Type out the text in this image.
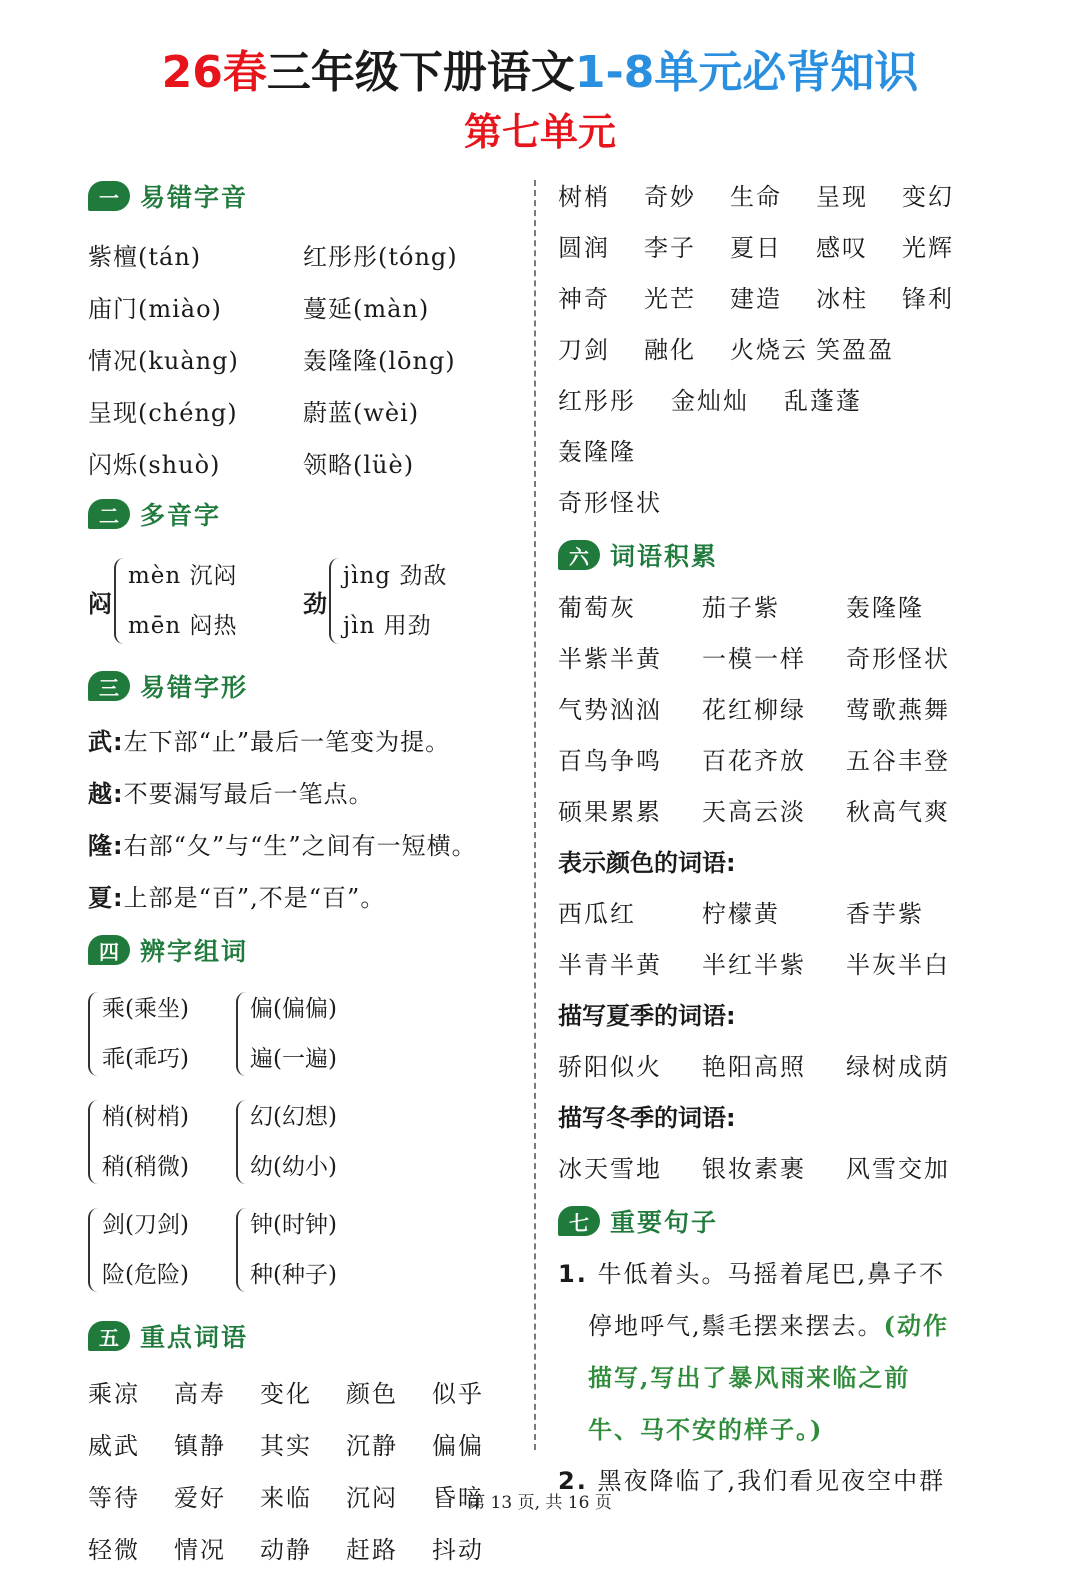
26春三年级下册语文1-8单元必背知识
第七单元
一 易错字音
紫檀(tán)	红彤彤(tóng)
庙门(miào)	蔓延(màn)
情况(kuàng)	轰隆隆(lōng)
呈现(chéng)	蔚蓝(wèi)
闪烁(shuò)	领略(lüè)
二 多音字
闷
mèn 沉闷
mēn 闷热
劲
jìng 劲敌
jìn 用劲
三 易错字形
武:左下部“止”最后一笔变为提。
越:不要漏写最后一笔点。
隆:右部“夂”与“生”之间有一短横。
夏:上部是“百”,不是“百”。
四 辨字组词
乘(乘坐)
乖(乖巧)
偏(偏偏)
遍(一遍)
梢(树梢)
稍(稍微)
幻(幻想)
幼(幼小)
剑(刀剑)
险(危险)
钟(时钟)
种(种子)
五 重点词语
乘凉	高寿	变化	颜色	似乎
威武	镇静	其实	沉静	偏偏
等待	爱好	来临	沉闷	昏暗
轻微	情况	动静	赶路	抖动
树梢	奇妙	生命	呈现	变幻
圆润	李子	夏日	感叹	光辉
神奇	光芒	建造	冰柱	锋利
刀剑	融化	火烧云 笑盈盈
红彤彤	金灿灿	乱蓬蓬
轰隆隆
奇形怪状
六 词语积累
葡萄灰	茄子紫	轰隆隆
半紫半黄	一模一样	奇形怪状
气势汹汹	花红柳绿	莺歌燕舞
百鸟争鸣	百花齐放	五谷丰登
硕果累累	天高云淡	秋高气爽
表示颜色的词语:
西瓜红	柠檬黄	香芋紫
半青半黄	半红半紫	半灰半白
描写夏季的词语:
骄阳似火	艳阳高照	绿树成荫
描写冬季的词语:
冰天雪地	银妆素裹	风雪交加
七 重要句子
1. 牛低着头。马摇着尾巴,鼻子不
停地呼气,鬃毛摆来摆去。(动作
描写,写出了暴风雨来临之前
牛、马不安的样子。)
2. 黑夜降临了,我们看见夜空中群
第 13 页, 共 16 页
